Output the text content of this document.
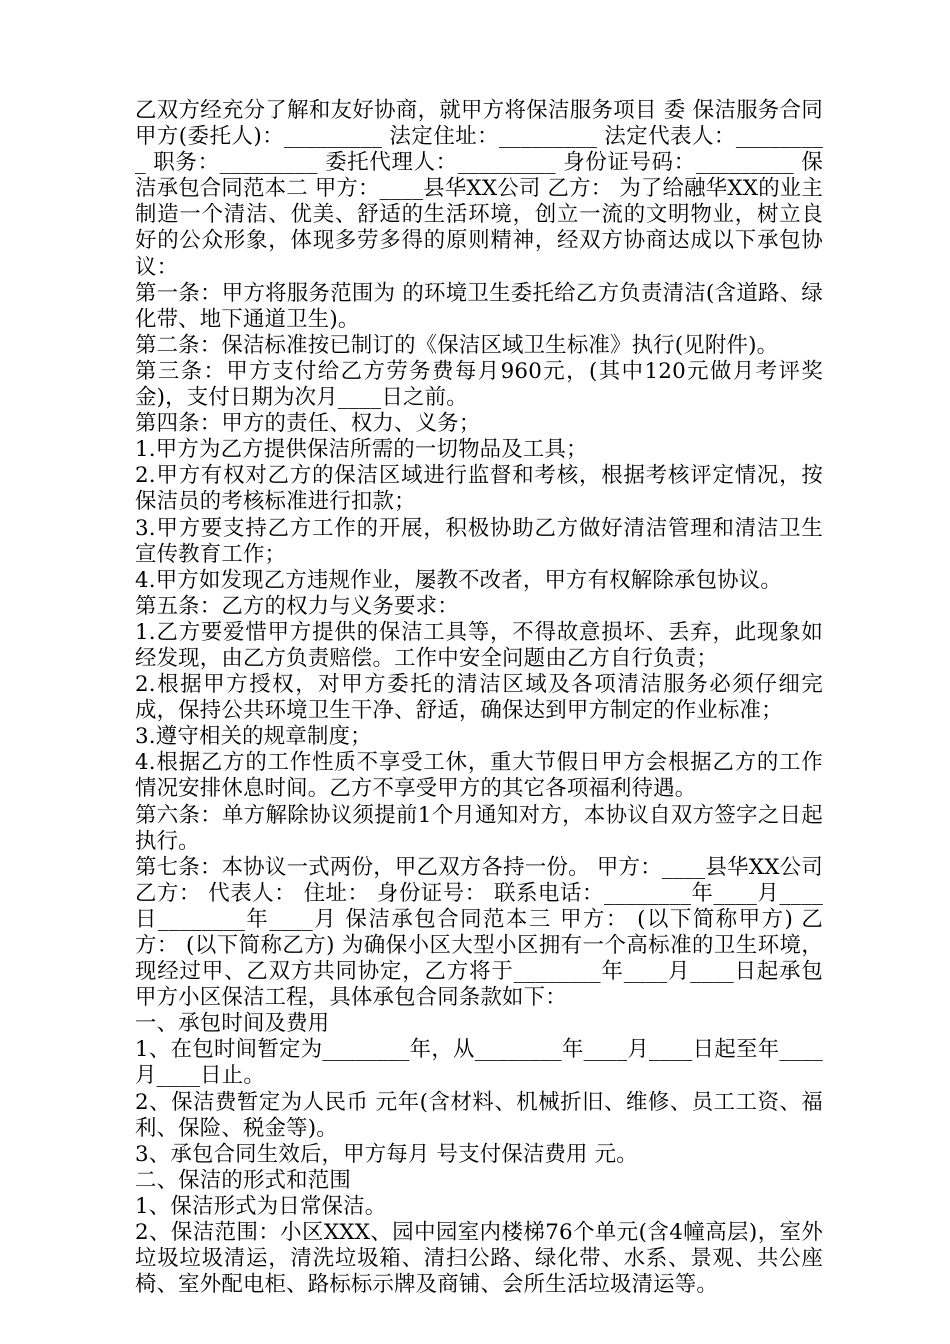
乙双方经充分了解和友好协商，就甲方将保洁服务项目 委 保洁服务合同 甲方(委托人)：_________ 法定住址：_________ 法定代表人：_________ 职务：_________ 委托代理人：_________ 身份证号码：_________ 保洁承包合同范本二 甲方：____县华XX公司 乙方： 为了给融华XX的业主制造一个清洁、优美、舒适的生活环境，创立一流的文明物业，树立良好的公众形象，体现多劳多得的原则精神，经双方协商达成以下承包协议：

第一条：甲方将服务范围为 的环境卫生委托给乙方负责清洁(含道路、绿化带、地下通道卫生)。

第二条：保洁标准按已制订的《保洁区域卫生标准》执行(见附件)。

第三条：甲方支付给乙方劳务费每月960元，(其中120元做月考评奖金)，支付日期为次月____日之前。

第四条：甲方的责任、权力、义务；

1.甲方为乙方提供保洁所需的一切物品及工具；

2.甲方有权对乙方的保洁区域进行监督和考核，根据考核评定情况，按保洁员的考核标准进行扣款；

3.甲方要支持乙方工作的开展，积极协助乙方做好清洁管理和清洁卫生宣传教育工作；

4.甲方如发现乙方违规作业，屡教不改者，甲方有权解除承包协议。

第五条：乙方的权力与义务要求：

1.乙方要爱惜甲方提供的保洁工具等，不得故意损坏、丢弃，此现象如经发现，由乙方负责赔偿。工作中安全问题由乙方自行负责；

2.根据甲方授权，对甲方委托的清洁区域及各项清洁服务必须仔细完成，保持公共环境卫生干净、舒适，确保达到甲方制定的作业标准；

3.遵守相关的规章制度；

4.根据乙方的工作性质不享受工休，重大节假日甲方会根据乙方的工作情况安排休息时间。乙方不享受甲方的其它各项福利待遇。

第六条：单方解除协议须提前1个月通知对方，本协议自双方签字之日起执行。

第七条：本协议一式两份，甲乙双方各持一份。 甲方：____县华XX公司 乙方： 代表人： 住址： 身份证号： 联系电话：________年____月____日________年____月 保洁承包合同范本三 甲方： (以下简称甲方) 乙方： (以下简称乙方) 为确保小区大型小区拥有一个高标准的卫生环境，现经过甲、乙双方共同协定，乙方将于________年____月____日起承包甲方小区保洁工程，具体承包合同条款如下：

一、承包时间及费用

1、在包时间暂定为________年，从________年____月____日起至年____月____日止。

2、保洁费暂定为人民币 元年(含材料、机械折旧、维修、员工工资、福利、保险、税金等)。

3、承包合同生效后，甲方每月 号支付保洁费用 元。

二、保洁的形式和范围

1、保洁形式为日常保洁。

2、保洁范围：小区XXX、园中园室内楼梯76个单元(含4幢高层)，室外垃圾垃圾清运，清洗垃圾箱、清扫公路、绿化带、水系、景观、共公座椅、室外配电柜、路标标示牌及商铺、会所生活垃圾清运等。
